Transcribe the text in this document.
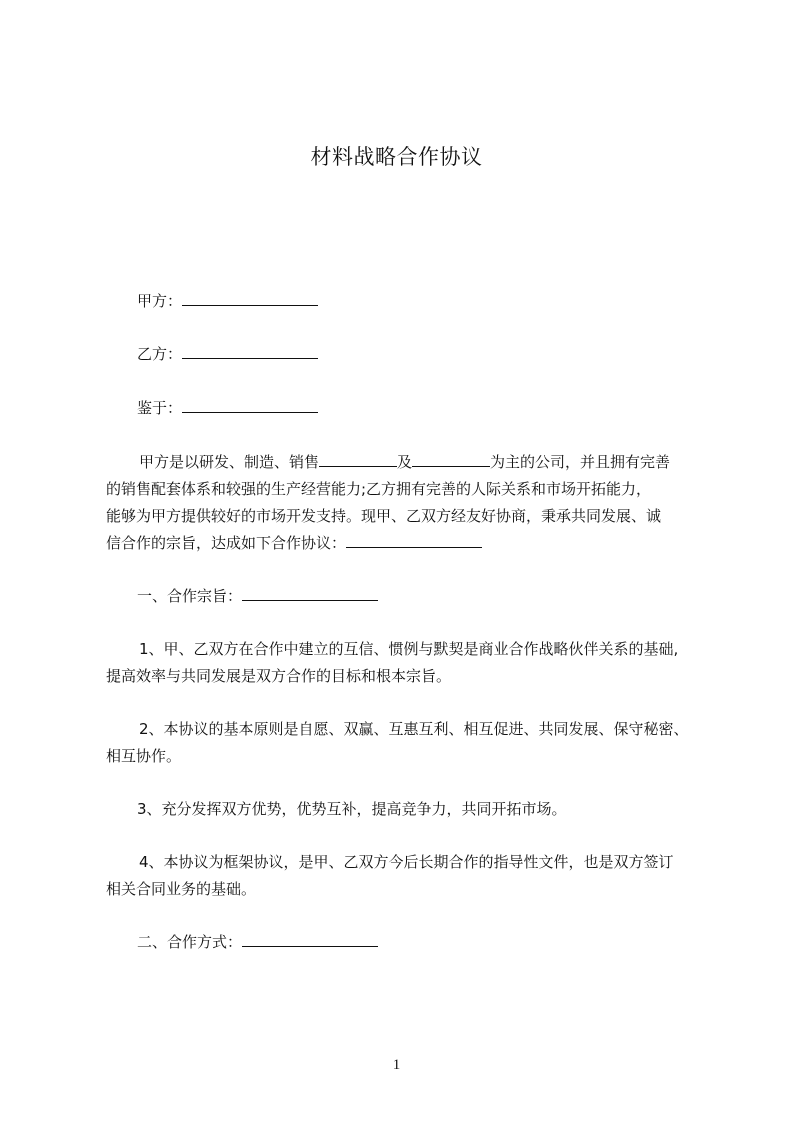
材料战略合作协议

甲方：

乙方：

鉴于：

甲方是以研发、制造、销售	及	为主的公司，并且拥有完善

的销售配套体系和较强的生产经营能力;乙方拥有完善的人际关系和市场开拓能力，

能够为甲方提供较好的市场开发支持。现甲、乙双方经友好协商，秉承共同发展、诚

信合作的宗旨，达成如下合作协议：

一、合作宗旨：

1、甲、乙双方在合作中建立的互信、惯例与默契是商业合作战略伙伴关系的基础,

提高效率与共同发展是双方合作的目标和根本宗旨。

2、本协议的基本原则是自愿、双赢、互惠互利、相互促进、共同发展、保守秘密、

相互协作。

3、充分发挥双方优势，优势互补，提高竞争力，共同开拓市场。

4、本协议为框架协议，是甲、乙双方今后长期合作的指导性文件，也是双方签订

相关合同业务的基础。

二、合作方式：

1
